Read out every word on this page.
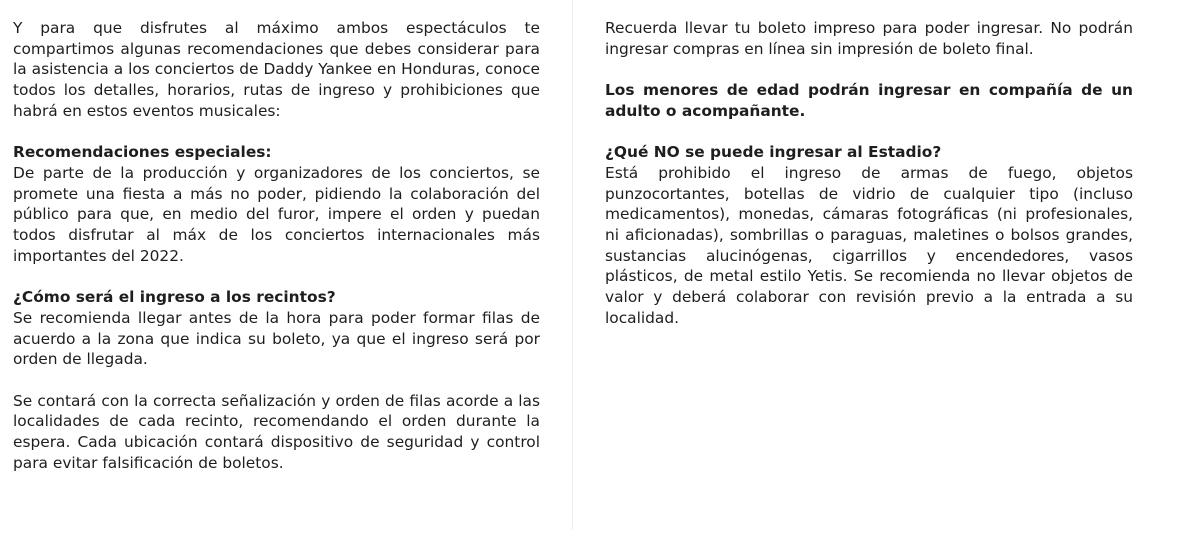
Y para que disfrutes al máximo ambos espectáculos te compartimos algunas recomendaciones que debes considerar para la asistencia a los conciertos de Daddy Yankee en Honduras, conoce todos los detalles, horarios, rutas de ingreso y prohibiciones que habrá en estos eventos musicales:

Recomendaciones especiales:
De parte de la producción y organizadores de los conciertos, se promete una fiesta a más no poder, pidiendo la colaboración del público para que, en medio del furor, impere el orden y puedan todos disfrutar al máx de los conciertos internacionales más importantes del 2022.

¿Cómo será el ingreso a los recintos?
Se recomienda llegar antes de la hora para poder formar filas de acuerdo a la zona que indica su boleto, ya que el ingreso será por orden de llegada.

Se contará con la correcta señalización y orden de filas acorde a las localidades de cada recinto, recomendando el orden durante la espera. Cada ubicación contará dispositivo de seguridad y control para evitar falsificación de boletos.

Recuerda llevar tu boleto impreso para poder ingresar. No podrán ingresar compras en línea sin impresión de boleto final.

Los menores de edad podrán ingresar en compañía de un adulto o acompañante.

¿Qué NO se puede ingresar al Estadio?
Está prohibido el ingreso de armas de fuego, objetos punzocortantes, botellas de vidrio de cualquier tipo (incluso medicamentos), monedas, cámaras fotográficas (ni profesionales, ni aficionadas), sombrillas o paraguas, maletines o bolsos grandes, sustancias alucinógenas, cigarrillos y encendedores, vasos plásticos, de metal estilo Yetis. Se recomienda no llevar objetos de valor y deberá colaborar con revisión previo a la entrada a su localidad.
